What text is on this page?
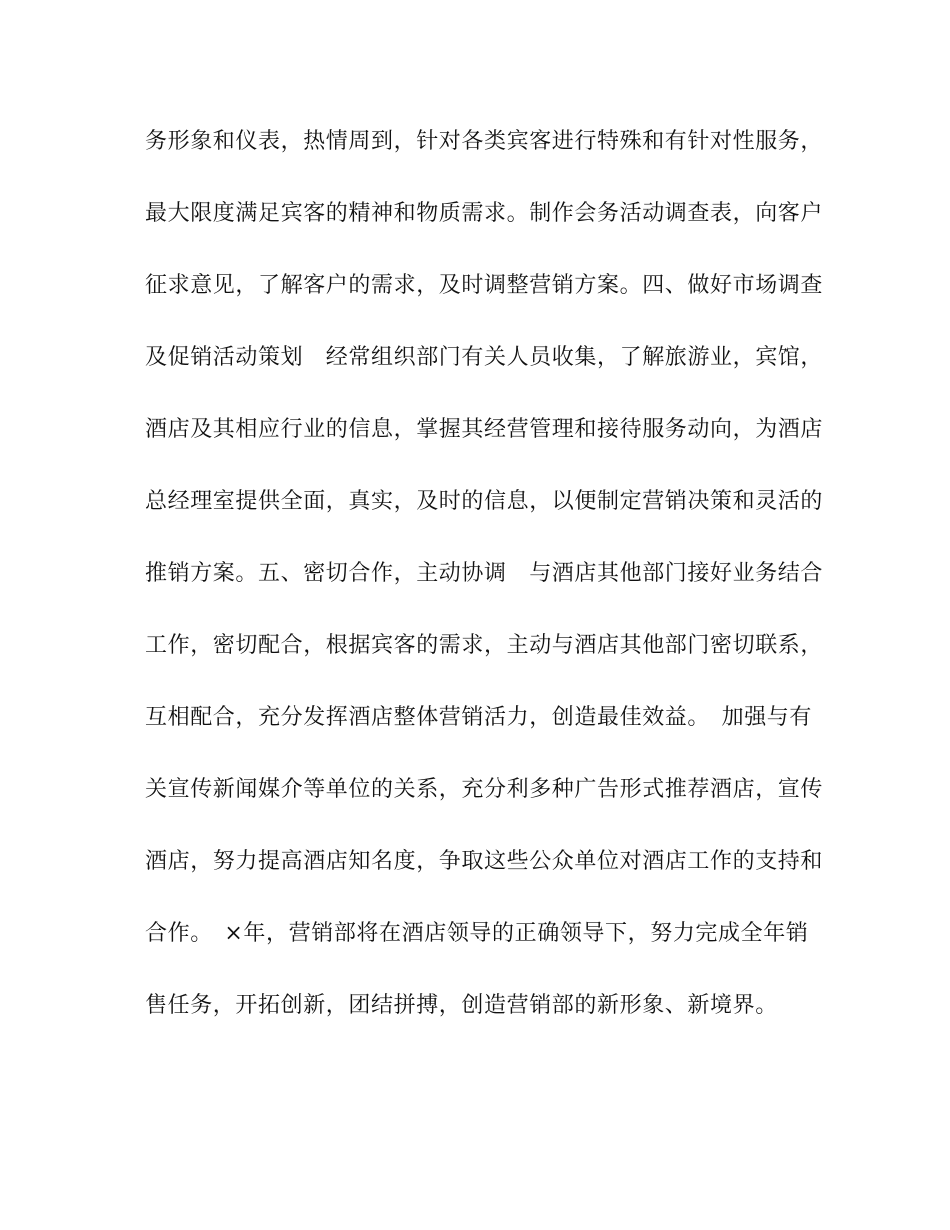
务形象和仪表，热情周到，针对各类宾客进行特殊和有针对性服务，
最大限度满足宾客的精神和物质需求。制作会务活动调查表，向客户
征求意见，了解客户的需求，及时调整营销方案。四、做好市场调查
及促销活动策划　经常组织部门有关人员收集，了解旅游业，宾馆，
酒店及其相应行业的信息，掌握其经营管理和接待服务动向，为酒店
总经理室提供全面，真实，及时的信息，以便制定营销决策和灵活的
推销方案。五、密切合作，主动协调　与酒店其他部门接好业务结合
工作，密切配合，根据宾客的需求，主动与酒店其他部门密切联系，
互相配合，充分发挥酒店整体营销活力，创造最佳效益。　加强与有
关宣传新闻媒介等单位的关系，充分利多种广告形式推荐酒店，宣传
酒店，努力提高酒店知名度，争取这些公众单位对酒店工作的支持和
合作。　×年，营销部将在酒店领导的正确领导下，努力完成全年销
售任务，开拓创新，团结拼搏，创造营销部的新形象、新境界。
